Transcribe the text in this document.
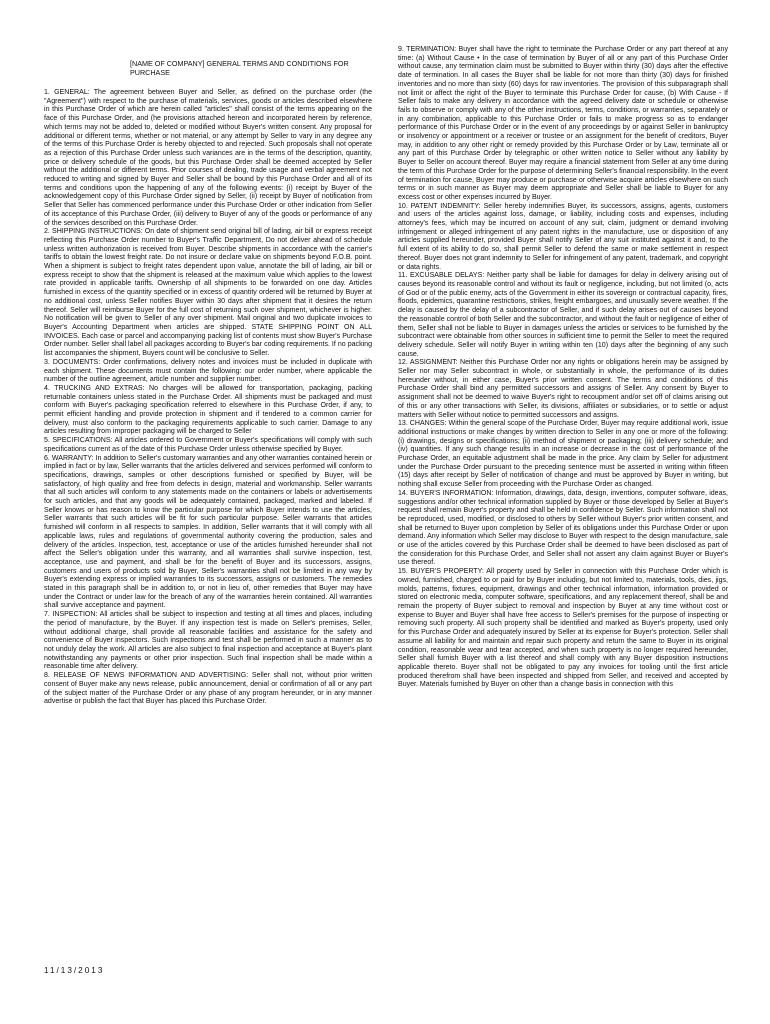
[NAME OF COMPANY] GENERAL TERMS AND CONDITIONS FOR PURCHASE

1. GENERAL: The agreement between Buyer and Seller, as defined on the purchase order (the "Agreement") with respect to the purchase of materials, services, goods or articles described elsewhere in this Purchase Order of which are herein called "articles" shall consist of the terms appearing on the face of this Purchase Order, and (he provisions attached hereon and incorporated herein by reference, which terms may not be added to, deleted or modified without Buyer's written consent. Any proposal for additional or different terms, whether or not material, or any attempt by Seller to vary in any degree any of the terms of this Purchase Order is hereby objected to and rejected. Such proposals shall not operate as a rejection of this Purchase Order unless such variances are in the terms of the description, quantity, price or delivery schedule of the goods, but this Purchase Order shall be deemed accepted by Seller without the additional or different terms. Prior courses of dealing, trade usage and verbal agreement not reduced to writing and signed by Buyer and Seller shall be bound by this Purchase Order and all of its terms and conditions upon the happening of any of the following events: (i) receipt by Buyer of the acknowledgement copy of this Purchase Order signed by Seller, (ii) receipt by Buyer of notification from Seller that Seller has commenced performance under this Purchase Order or other indication from Seller of its acceptance of this Purchase Order, (iii) delivery to Buyer of any of the goods or performance of any of the services described on this Purchase Order.

2. SHIPPING INSTRUCTIONS: On date of shipment send original bill of lading, air bill or express receipt reflecting this Purchase Order number to Buyer's Traffic Department, Do not deliver ahead of schedule unless written authorization is received from Buyer. Describe shipments in accordance with the carrier's tariffs to obtain the lowest freight rate. Do not insure or declare value on shipments beyond F.O.B. point. When a shipment is subject to freight rates dependent upon value, annotate the bill of lading, air bill or express receipt to show that the shipment is released at the maximum value which applies to the lowest rate provided in applicable tariffs. Ownership of all shipments to be forwarded on one day. Articles furnished in excess of the quantity specified or in excess of quantity ordered will be returned by Buyer at no additional cost, unless Seller notifies Buyer within 30 days after shipment that it desires the return thereof. Seller will reimburse Buyer for the full cost of returning such over shipment, whichever is higher. No notification will be given to Seller of any over shipment. Mail original and two duplicate invoices to Buyer's Accounting Department when articles are shipped. STATE SHIPPING POINT ON ALL INVOICES. Each case or parcel and accompanying packing list of contents must show Buyer's Purchase Order number. Seller shall label all packages according to Buyer's bar coding requirements. If no packing list accompanies the shipment, Buyers count will be conclusive to Seller.

3. DOCUMENTS: Order confirmations, delivery notes and invoices must be included in duplicate with each shipment. These documents must contain the following: our order number, where applicable the number of the outline agreement, article number and supplier number.

4. TRUCKING AND EXTRAS: No charges will be allowed for transportation, packaging, packing returnable containers unless stated in the Purchase Order. All shipments must be packaged and must conform with Buyer's packaging specification referred to elsewhere in this Purchase Order, if any, to permit efficient handling and provide protection in shipment and if tendered to a common carrier for delivery, must also conform to the packaging requirements applicable to such carrier. Damage to any articles resulting from improper packaging will be charged to Seller

5. SPECIFICATIONS: All articles ordered to Government or Buyer's specifications will comply with such specifications current as of the date of this Purchase Order unless otherwise specified by Buyer.

6. WARRANTY: In addition to Seller's customary warranties and any other warranties contained herein or implied in fact or by law, Seller warrants that the articles delivered and services performed will conform to specifications, drawings, samples or other descriptions furnished or specified by Buyer, will be satisfactory, of high quality and free from defects in design, material and workmanship. Seller warrants that all such articles will conform to any statements made on the containers or labels or advertisements for such articles, and that any goods will be adequately contained, packaged, marked and labeled. If Seller knows or has reason to know the particular purpose for which Buyer intends to use the articles, Seller warrants that such articles will be fit for such particular purpose. Seller warrants that articles furnished will conform in all respects to samples. In addition, Seller warrants that it will comply with all applicable laws, rules and regulations of governmental authority covering the production, sales and delivery of the articles. Inspection, test, acceptance or use of the articles furnished hereunder shall not affect the Seller's obligation under this warranty, and all warranties shall survive inspection, test, acceptance, use and payment, and shall be for the benefit of Buyer and its successors, assigns, customers and users of products sold by Buyer, Seller's warranties shall not be limited in any way by Buyer's extending express or implied warranties to its successors, assigns or customers. The remedies stated in this paragraph shall be in addition to, or not in lieu of, other remedies that Buyer may have under the Contract or under law for the breach of any of the warranties herein contained. All warranties shall survive acceptance and payment.

7. INSPECTION: All articles shall be subject to inspection and testing at all times and places, including the period of manufacture, by the Buyer. If any inspection test is made on Seller's premises, Seller, without additional charge, shall provide all reasonable facilities and assistance for the safety and convenience of Buyer inspectors. Such inspections and test shall be performed in such a manner as to not unduly delay the work. All articles are also subject to final inspection and acceptance at Buyer's plant notwithstanding any payments or other prior inspection. Such final inspection shall be made within a reasonable time after delivery.

8. RELEASE OF NEWS INFORMATION AND ADVERTISING: Seller shall not, without prior written consent of Buyer make any news release, public announcement, denial or confirmation of all or any part of the subject matter of the Purchase Order or any phase of any program hereunder, or in any manner advertise or publish the fact that Buyer has placed this Purchase Order.

9. TERMINATION: Buyer shall have the right to terminate the Purchase Order or any part thereof at any time: (a) Without Cause • In the case of termination by Buyer of all or any part of this Purchase Order without cause, any termination claim must be submitted to Buyer within thirty (30) days after the effective date of termination. In all cases the Buyer shall be liable for not more than thirty (30) days for finished inventories and no more than sixty (60) days for raw inventories. The provision of this subparagraph shall not limit or affect the right of the Buyer to terminate this Purchase Order for cause, (b) With Cause - If Seller fails to make any delivery in accordance with the agreed delivery date or schedule or otherwise fails to observe or comply with any of the other instructions, terms, conditions, or warranties, separately or in any combination, applicable to this Purchase Order or fails to make progress so as to endanger performance of this Purchase Order or in the event of any proceedings by or against Seller in bankruptcy or insolvency or appointment or a receiver or trustee or an assignment for the benefit of creditors, Buyer may, in addition to any other right or remedy provided by this Purchase Order or by Law, terminate all or any part of this Purchase Order by telegraphic or other written notice to Seller without any liability by Buyer to Seller on account thereof. Buyer may require a financial statement from Seller at any time during the term of this Purchase Order for the purpose of determining Seller's financial responsibility. In the event of termination for cause, Buyer may produce or purchase or otherwise acquire articles elsewhere on such terms or in such manner as Buyer may deem appropriate and Seller shall be liable to Buyer for any excess cost or other expenses incurred by Buyer.

10. PATENT INDEMNITY: Seller hereby indemnifies Buyer, its successors, assigns, agents, customers and users of the articles against loss, damage, or liability, including costs and expenses, including attorney's fees, which may be incurred on account of any suit, claim, judgment or demand involving infringement or alleged infringement of any patent rights in the manufacture, use or disposition of any articles supplied hereunder, provided Buyer shall notify Seller of any suit instituted against it and, to the full extent of its ability to do so, shall permit Seller to defend the same or make settlement in respect thereof. Buyer does not grant indemnity to Seller for infringement of any patent, trademark, and copyright or data rights.

11. EXCUSABLE DELAYS: Neither party shall be liable for damages for delay in delivery arising out of causes beyond its reasonable control and without its fault or negligence, including, but not limited (o, acts of God or of the public enemy, acts of the Government in either its sovereign or contractual capacity, fires, floods, epidemics, quarantine restrictions, strikes, freight embargoes, and unusually severe weather. If the delay is caused by the delay of a subcontractor of Seller, and if such delay arises out of causes beyond the reasonable control of both Seller and the subcontractor, and without the fault or negligence of either of them, Seller shall not be liable to Buyer in damages unless the articles or services to be furnished by the subcontract were obtainable from other sources in sufficient time to permit the Seller to meet the required delivery schedule. Seller will notify Buyer in writing within ten (10) days after the beginning of any such cause.

12. ASSIGNMENT: Neither this Purchase Order nor any rights or obligations herein may be assigned by Seller nor may Seller subcontract in whole, or substantially in whole, the performance of its duties hereunder without, in either case, Buyer's prior written consent. The terms and conditions of this Purchase Order shall bind any permitted successors and assigns of Seller. Any consent by Buyer to assignment shall not be deemed to waive Buyer's right to recoupment and/or set off of claims arising out of this or any other transactions with Seller, its divisions, affiliates or subsidiaries, or to settle or adjust matters with Seller without notice to permitted successors and assigns.

13. CHANGES: Within the general scope of the Purchase Order, Buyer may require additional work, issue additional instructions or make changes by written direction to Seller in any one or more of the following: (i) drawings, designs or specifications; (ii) method of shipment or packaging; (iii) delivery schedule; and (iv) quantities. If any such change results in an increase or decrease in the cost of performance of the Purchase Order, an equitable adjustment shall be made in the price. Any claim by Seller for adjustment under the Purchase Order pursuant to the preceding sentence must be asserted in writing within fifteen (15) days after receipt by Seller of notification of change and must be approved by Buyer in writing, but nothing shall excuse Seller from proceeding with the Purchase Order as changed.

14. BUYER'S INFORMATION: Information, drawings, data, design, inventions, computer software, ideas, suggestions and/or other technical information supplied by Buyer or those developed by Seller at Buyer's request shall remain Buyer's property and shall be held in confidence by Seller. Such information shall not be reproduced, used, modified, or disclosed to others by Seller without Buyer's prior written consent, and shall be returned to Buyer upon completion by Seller of its obligations under this Purchase Order or upon demand. Any information which Seller may disclose to Buyer with respect to the design manufacture, sale or use of the articles covered by this Purchase Order shall be deemed to have been disclosed as part of the consideration for this Purchase Order, and Seller shall not assert any claim against Buyer or Buyer's use thereof.

15. BUYER'S PROPERTY: All property used by Seller in connection with this Purchase Order which is owned, furnished, charged to or paid for by Buyer including, but not limited to, materials, tools, dies, jigs, molds, patterns, fixtures, equipment, drawings and other technical information, information provided or stored on electronic media, computer software, specifications, and any replacement thereof, shall be and remain the property of Buyer subject to removal and inspection by Buyer at any time without cost or expense to Buyer and Buyer shall have free access to Seller's premises for the purpose of inspecting or removing such property. All such property shall be identified and marked as Buyer's property, used only for this Purchase Order and adequately insured by Seller at its expense for Buyer's protection. Seller shall assume all liability for and maintain and repair such property and return the same to Buyer in its original condition, reasonable wear and tear accepted, and when such property is no longer required hereunder, Seller shall furnish Buyer with a list thereof and shall comply with any Buyer disposition instructions applicable thereto. Buyer shall not be obligated to pay any invoices for tooling until the first article produced therefrom shall have been inspected and shipped from Seller, and received and accepted by Buyer. Materials furnished by Buyer on other than a change basis in connection with this

11/13/2013
